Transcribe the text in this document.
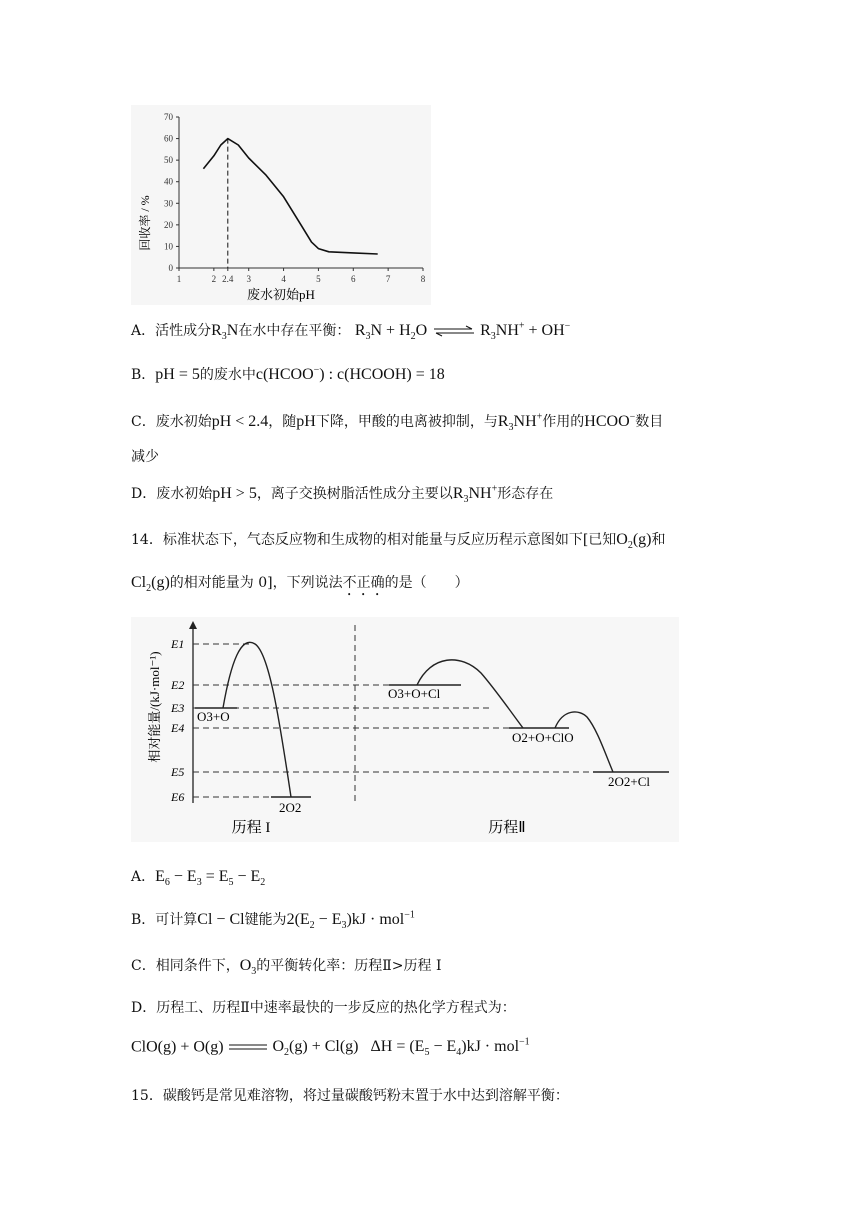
1	2 2.4 3	4	5	6	7	8
0
10
20
30
40
50
60
70
废水初始pH
回收率 / %
A．活性成分$R_3N$在水中存在平衡： $R_3N + H_2O$ ⇌ $R_3NH^+ + OH^-$
B．pH = 5的废水中c(HCOO−) : c(HCOOH) = 18
C．废水初始pH < 2.4，随pH下降，甲酸的电离被抑制，与$R_3NH^+$作用的HCOO−数目
减少
D．废水初始pH > 5，离子交换树脂活性成分主要以$R_3NH^+$形态存在
14．标准状态下，气态反应物和生成物的相对能量与反应历程示意图如下[已知$O_2(g)$和
$Cl_2(g)$的相对能量为 0]，下列说法不正确的是（　　）
相对能量/(kJ·mol⁻¹)
E1
E2
E3
E4
E5
E6
O3+O
2O2
O3+O+Cl
O2+O+ClO
2O2+Cl
历程 I	历程Ⅱ
A．$E_6 - E_3 = E_5 - E_2$
B．可计算Cl − Cl键能为$2(E_2 - E_3)kJ \cdot mol^{-1}$
C．相同条件下，$O_3$的平衡转化率：历程Ⅱ>历程 I
D．历程工、历程Ⅱ中速率最快的一步反应的热化学方程式为：
ClO(g) + O(g)	$O_2(g) + Cl(g) \Delta H = (E_5 - E_4)kJ \cdot mol^{-1}$
15．碳酸钙是常见难溶物，将过量碳酸钙粉末置于水中达到溶解平衡：
